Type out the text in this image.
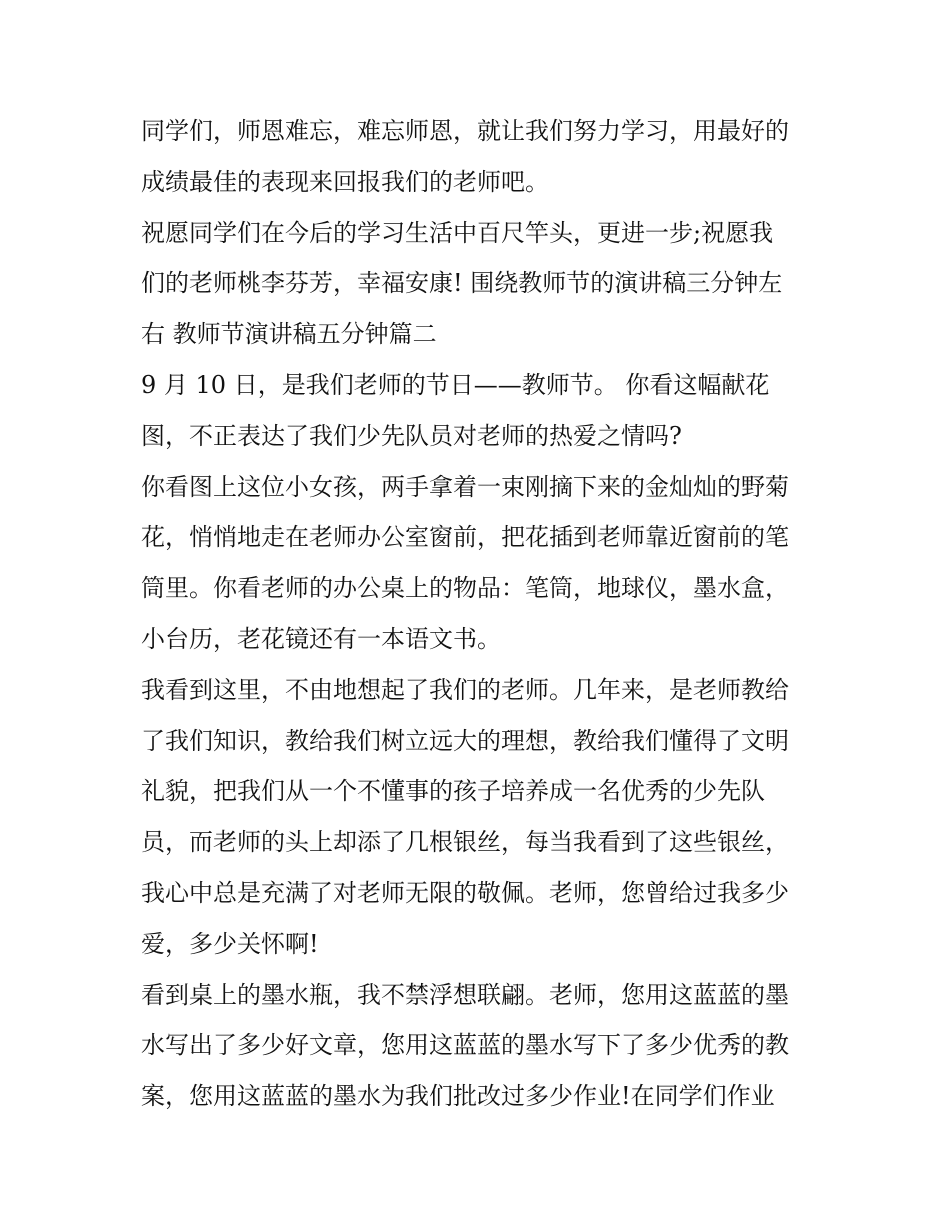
同学们，师恩难忘，难忘师恩，就让我们努力学习，用最好的
成绩最佳的表现来回报我们的老师吧。
祝愿同学们在今后的学习生活中百尺竿头，更进一步;祝愿我
们的老师桃李芬芳，幸福安康! 围绕教师节的演讲稿三分钟左
右 教师节演讲稿五分钟篇二
9 月 10 日，是我们老师的节日——教师节。 你看这幅献花
图，不正表达了我们少先队员对老师的热爱之情吗?
你看图上这位小女孩，两手拿着一束刚摘下来的金灿灿的野菊
花，悄悄地走在老师办公室窗前，把花插到老师靠近窗前的笔
筒里。你看老师的办公桌上的物品：笔筒，地球仪，墨水盒，
小台历，老花镜还有一本语文书。
我看到这里，不由地想起了我们的老师。几年来，是老师教给
了我们知识，教给我们树立远大的理想，教给我们懂得了文明
礼貌，把我们从一个不懂事的孩子培养成一名优秀的少先队
员，而老师的头上却添了几根银丝，每当我看到了这些银丝，
我心中总是充满了对老师无限的敬佩。老师，您曾给过我多少
爱，多少关怀啊!
看到桌上的墨水瓶，我不禁浮想联翩。老师，您用这蓝蓝的墨
水写出了多少好文章，您用这蓝蓝的墨水写下了多少优秀的教
案，您用这蓝蓝的墨水为我们批改过多少作业!在同学们作业
